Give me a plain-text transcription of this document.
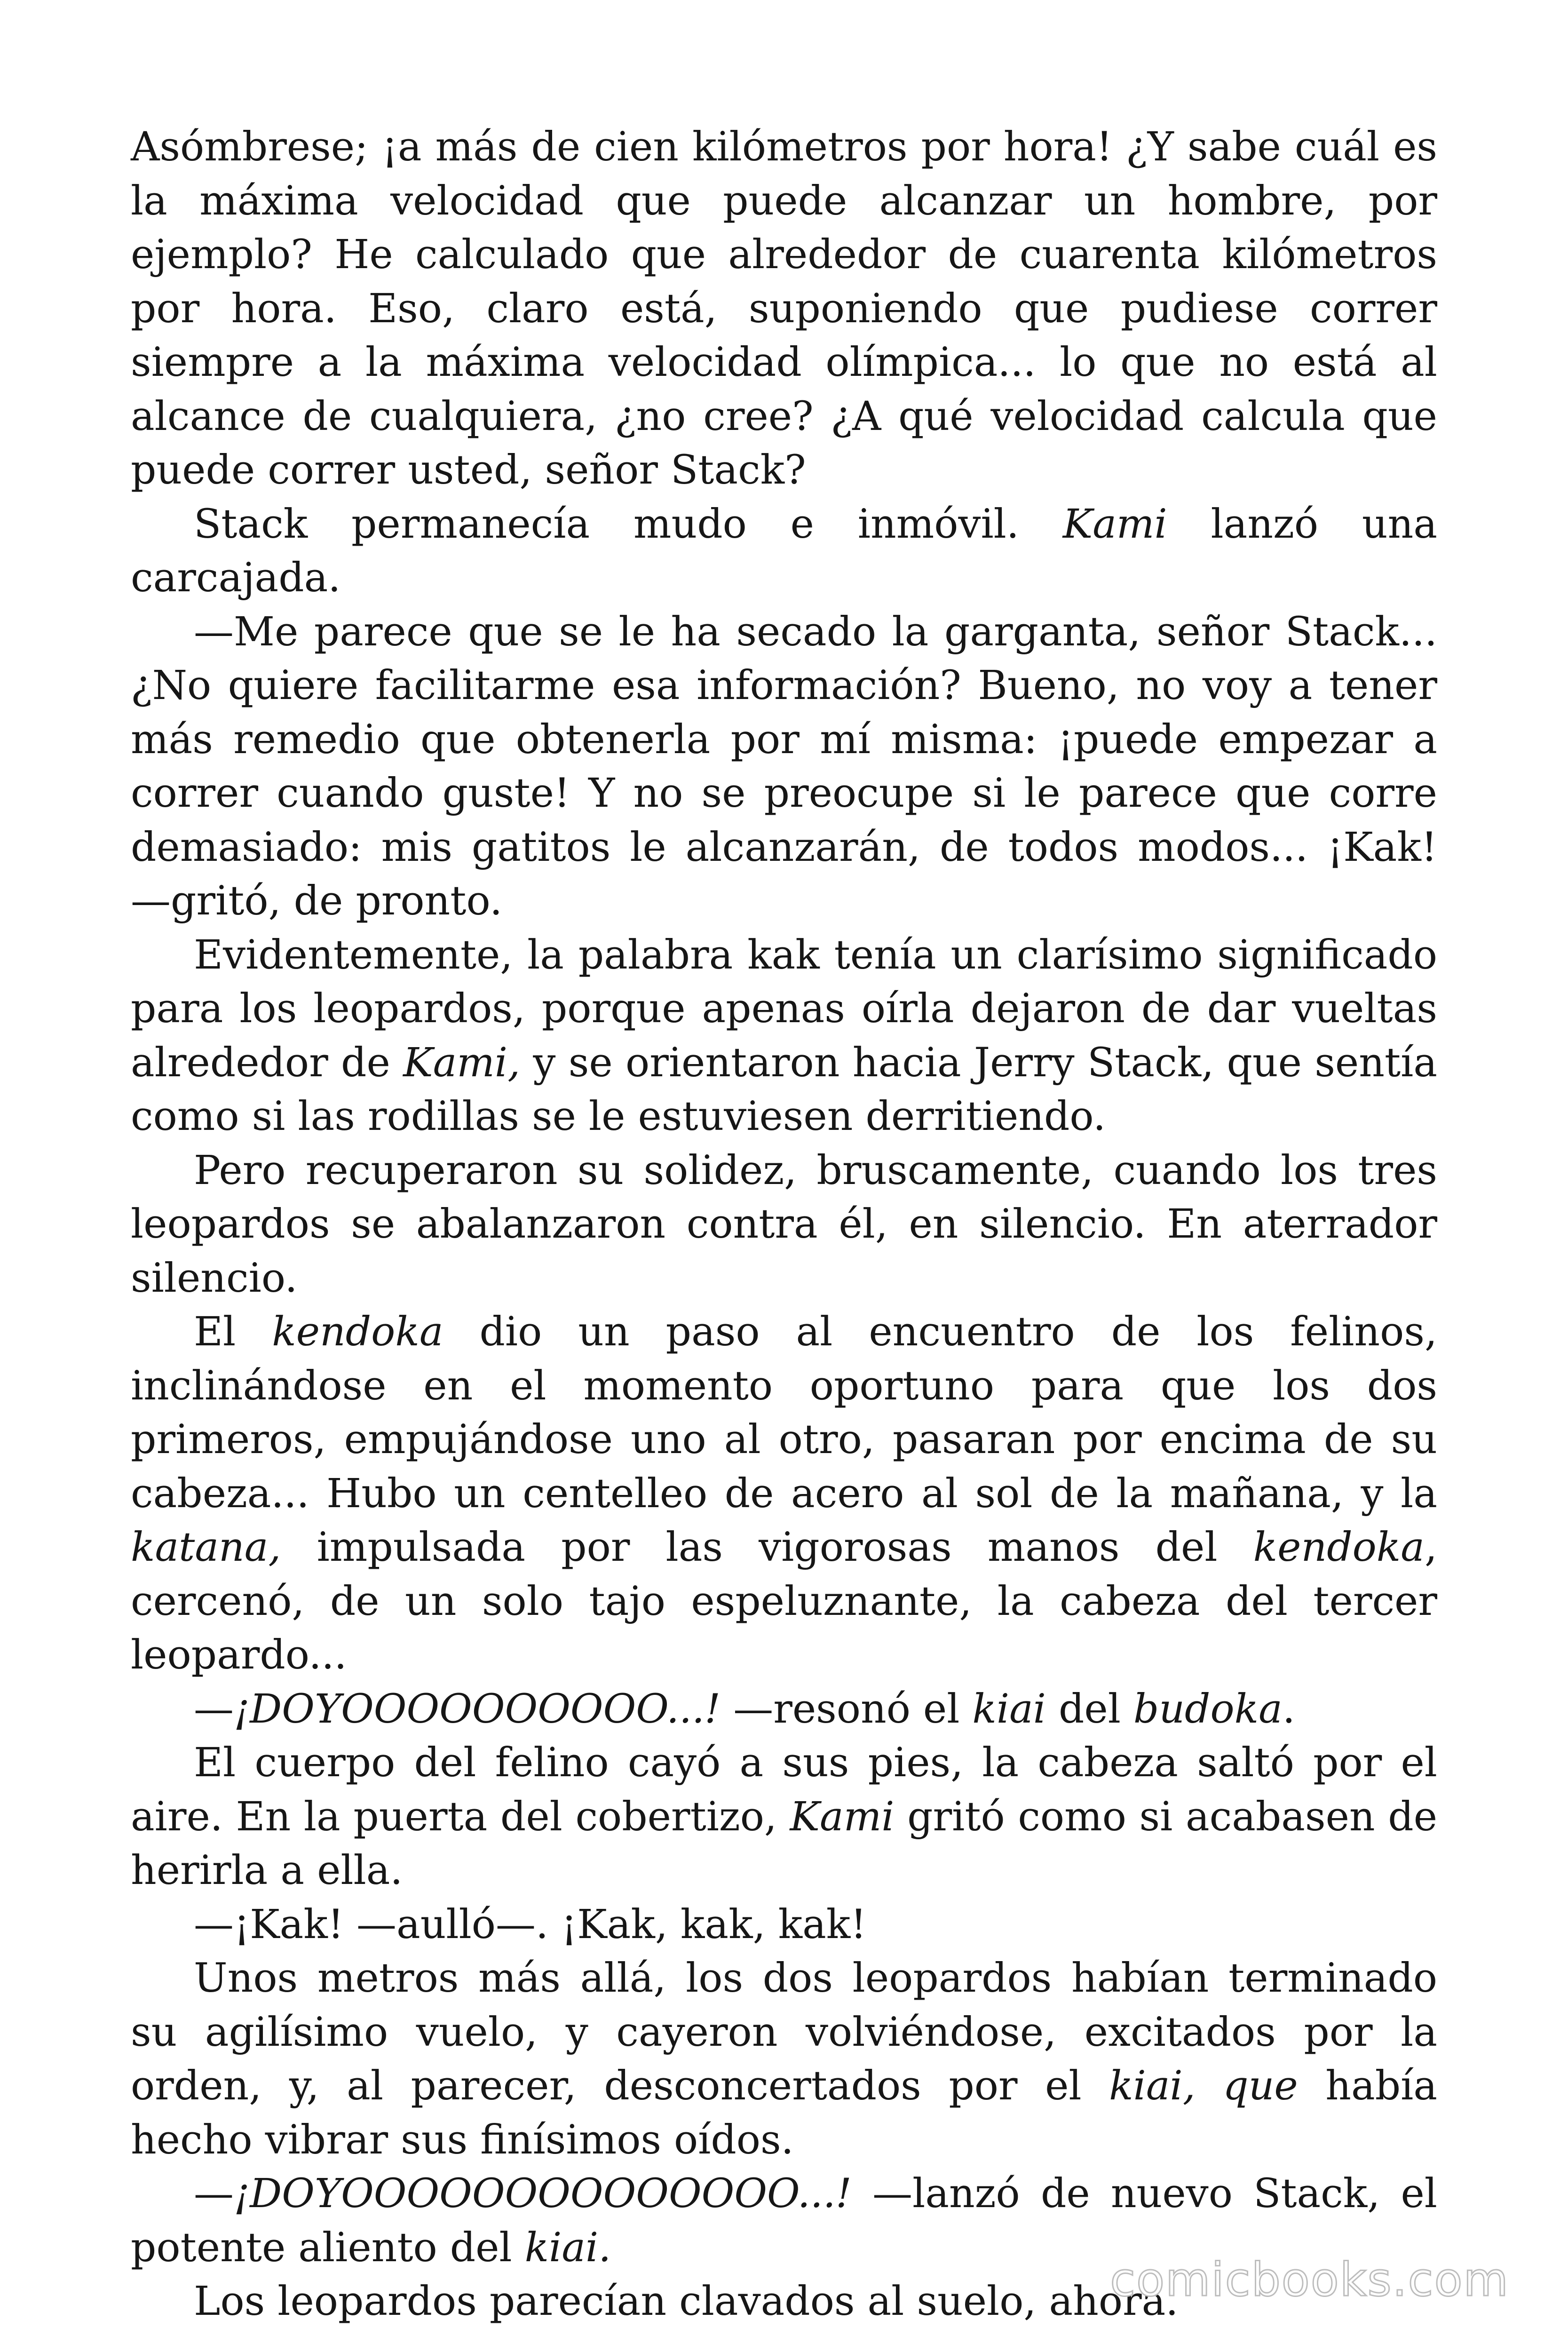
Asómbrese; ¡a más de cien kilómetros por hora! ¿Y sabe cuál es la máxima velocidad que puede alcanzar un hombre, por ejemplo? He calculado que alrededor de cuarenta kilómetros por hora. Eso, claro está, suponiendo que pudiese correr siempre a la máxima velocidad olímpica... lo que no está al alcance de cualquiera, ¿no cree? ¿A qué velocidad calcula que puede correr usted, señor Stack?

Stack permanecía mudo e inmóvil. Kami lanzó una carcajada.

—Me parece que se le ha secado la garganta, señor Stack... ¿No quiere facilitarme esa información? Bueno, no voy a tener más remedio que obtenerla por mí misma: ¡puede empezar a correr cuando guste! Y no se preocupe si le parece que corre demasiado: mis gatitos le alcanzarán, de todos modos... ¡Kak! —gritó, de pronto.

Evidentemente, la palabra kak tenía un clarísimo significado para los leopardos, porque apenas oírla dejaron de dar vueltas alrededor de Kami, y se orientaron hacia Jerry Stack, que sentía como si las rodillas se le estuviesen derritiendo.

Pero recuperaron su solidez, bruscamente, cuando los tres leopardos se abalanzaron contra él, en silencio. En aterrador silencio.

El kendoka dio un paso al encuentro de los felinos, inclinándose en el momento oportuno para que los dos primeros, empujándose uno al otro, pasaran por encima de su cabeza... Hubo un centelleo de acero al sol de la mañana, y la katana, impulsada por las vigorosas manos del kendoka, cercenó, de un solo tajo espeluznante, la cabeza del tercer leopardo...

—¡DOYOOOOOOOOOO...! —resonó el kiai del budoka.

El cuerpo del felino cayó a sus pies, la cabeza saltó por el aire. En la puerta del cobertizo, Kami gritó como si acabasen de herirla a ella.

—¡Kak! —aulló—. ¡Kak, kak, kak!

Unos metros más allá, los dos leopardos habían terminado su agilísimo vuelo, y cayeron volviéndose, excitados por la orden, y, al parecer, desconcertados por el kiai, que había hecho vibrar sus finísimos oídos.

—¡DOYOOOOOOOOOOOOOO...! —lanzó de nuevo Stack, el potente aliento del kiai.

Los leopardos parecían clavados al suelo, ahora.

comicbooks.com
